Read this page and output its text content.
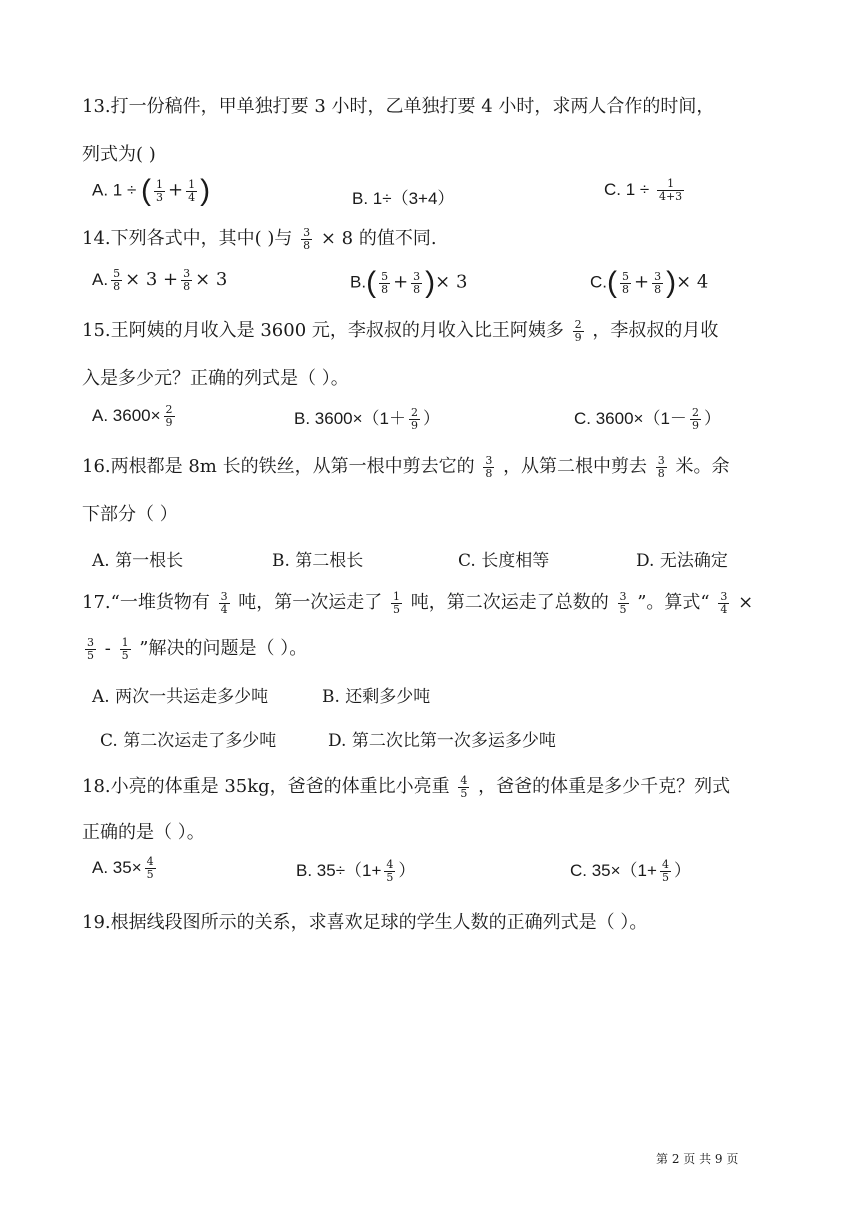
13.打一份稿件，甲单独打要 3 小时，乙单独打要 4 小时，求两人合作的时间，
列式为( )
A. 1 ÷ ( $\frac{1}{3} + \frac{1}{4}$ )	B. 1÷（3+4）	C. $1 \div \frac{1}{4+3}$
14.下列各式中，其中( )与 $\frac{3}{8} \times 8$ 的值不同.
A. $\frac{5}{8} \times 3 + \frac{3}{8} \times 3$	$B.( \frac{5}{8} + \frac{3}{8}$ )× 3	$C.( \frac{5}{8} + \frac{3}{8}$ )× 4
15.王阿姨的月收入是 3600 元，李叔叔的月收入比王阿姨多 $\frac{2}{9}$ ，李叔叔的月收
入是多少元？正确的列式是（ ）。
A. $3600\times \frac{2}{9}$	B. $3600\times(1+ \frac{2}{9}$ ）	C. $3600\times(1- \frac{2}{9}$ ）
16.两根都是 8m 长的铁丝，从第一根中剪去它的 $\frac{3}{8}$ ，从第二根中剪去 $\frac{3}{8}$ 米。余
下部分（ ）
A. 第一根长	B. 第二根长	C. 长度相等	D. 无法确定
17.“一堆货物有 $\frac{3}{4}$ 吨，第一次运走了 $\frac{1}{5}$ 吨，第二次运走了总数的 $\frac{3}{5}$ ”。算式“ $\frac{3}{4}$ ×
$\frac{3}{5} - \frac{1}{5}$ ”解决的问题是（ ）。
A. 两次一共运走多少吨	B. 还剩多少吨
C. 第二次运走了多少吨	D. 第二次比第一次多运多少吨
18.小亮的体重是 35kg，爸爸的体重比小亮重 $\frac{4}{5}$ ，爸爸的体重是多少千克？列式
正确的是（ ）。
A. $35\times \frac{4}{5}$	B. $35\div(1+ \frac{4}{5}$ ）	C. $35\times(1+ \frac{4}{5}$ ）
19.根据线段图所示的关系，求喜欢足球的学生人数的正确列式是（ ）。
第 2 页 共 9 页
